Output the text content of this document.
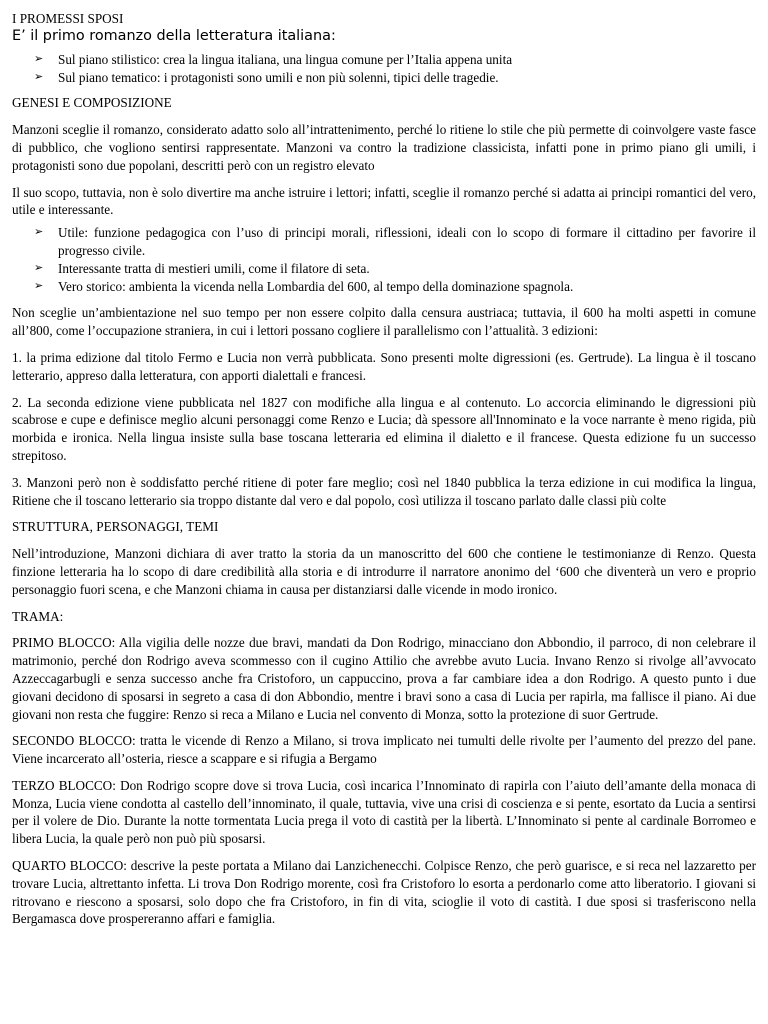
I PROMESSI SPOSI

E’ il primo romanzo della letteratura italiana:

➢	Sul piano stilistico: crea la lingua italiana, una lingua comune per l’Italia appena unita
➢	Sul piano tematico: i protagonisti sono umili e non più solenni, tipici delle tragedie.

GENESI E COMPOSIZIONE

Manzoni sceglie il romanzo, considerato adatto solo all’intrattenimento, perché lo ritiene lo stile che più permette di coinvolgere vaste fasce di pubblico, che vogliono sentirsi rappresentate. Manzoni va contro la tradizione classicista, infatti pone in primo piano gli umili, i protagonisti sono due popolani, descritti però con un registro elevato

Il suo scopo, tuttavia, non è solo divertire ma anche istruire i lettori; infatti, sceglie il romanzo perché si adatta ai principi romantici del vero, utile e interessante.

➢	Utile: funzione pedagogica con l’uso di principi morali, riflessioni, ideali con lo scopo di formare il cittadino per favorire il progresso civile.
➢	Interessante tratta di mestieri umili, come il filatore di seta.
➢	Vero storico: ambienta la vicenda nella Lombardia del 600, al tempo della dominazione spagnola.

Non sceglie un’ambientazione nel suo tempo per non essere colpito dalla censura austriaca; tuttavia, il 600 ha molti aspetti in comune all’800, come l’occupazione straniera, in cui i lettori possano cogliere il parallelismo con l’attualità. 3 edizioni:

1. la prima edizione dal titolo Fermo e Lucia non verrà pubblicata. Sono presenti molte digressioni (es. Gertrude). La lingua è il toscano letterario, appreso dalla letteratura, con apporti dialettali e francesi.

2. La seconda edizione viene pubblicata nel 1827 con modifiche alla lingua e al contenuto. Lo accorcia eliminando le digressioni più scabrose e cupe e definisce meglio alcuni personaggi come Renzo e Lucia; dà spessore all'Innominato e la voce narrante è meno rigida, più morbida e ironica. Nella lingua insiste sulla base toscana letteraria ed elimina il dialetto e il francese. Questa edizione fu un successo strepitoso.

3. Manzoni però non è soddisfatto perché ritiene di poter fare meglio; così nel 1840 pubblica la terza edizione in cui modifica la lingua, Ritiene che il toscano letterario sia troppo distante dal vero e dal popolo, così utilizza il toscano parlato dalle classi più colte

STRUTTURA, PERSONAGGI, TEMI

Nell’introduzione, Manzoni dichiara di aver tratto la storia da un manoscritto del 600 che contiene le testimonianze di Renzo. Questa finzione letteraria ha lo scopo di dare credibilità alla storia e di introdurre il narratore anonimo del ‘600 che diventerà un vero e proprio personaggio fuori scena, e che Manzoni chiama in causa per distanziarsi dalle vicende in modo ironico.

TRAMA:

PRIMO BLOCCO: Alla vigilia delle nozze due bravi, mandati da Don Rodrigo, minacciano don Abbondio, il parroco, di non celebrare il matrimonio, perché don Rodrigo aveva scommesso con il cugino Attilio che avrebbe avuto Lucia. Invano Renzo si rivolge all’avvocato Azzeccagarbugli e senza successo anche fra Cristoforo, un cappuccino, prova a far cambiare idea a don Rodrigo. A questo punto i due giovani decidono di sposarsi in segreto a casa di don Abbondio, mentre i bravi sono a casa di Lucia per rapirla, ma fallisce il piano. Ai due giovani non resta che fuggire: Renzo si reca a Milano e Lucia nel convento di Monza, sotto la protezione di suor Gertrude.

SECONDO BLOCCO: tratta le vicende di Renzo a Milano, si trova implicato nei tumulti delle rivolte per l’aumento del prezzo del pane. Viene incarcerato all’osteria, riesce a scappare e si rifugia a Bergamo

TERZO BLOCCO: Don Rodrigo scopre dove si trova Lucia, così incarica l’Innominato di rapirla con l’aiuto dell’amante della monaca di Monza, Lucia viene condotta al castello dell’innominato, il quale, tuttavia, vive una crisi di coscienza e si pente, esortato da Lucia a sentirsi per il volere de Dio. Durante la notte tormentata Lucia prega il voto di castità per la libertà. L’Innominato si pente al cardinale Borromeo e libera Lucia, la quale però non può più sposarsi.

QUARTO BLOCCO: descrive la peste portata a Milano dai Lanzichenecchi. Colpisce Renzo, che però guarisce, e si reca nel lazzaretto per trovare Lucia, altrettanto infetta. Li trova Don Rodrigo morente, così fra Cristoforo lo esorta a perdonarlo come atto liberatorio. I giovani si ritrovano e riescono a sposarsi, solo dopo che fra Cristoforo, in fin di vita, scioglie il voto di castità. I due sposi si trasferiscono nella Bergamasca dove prospereranno affari e famiglia.
